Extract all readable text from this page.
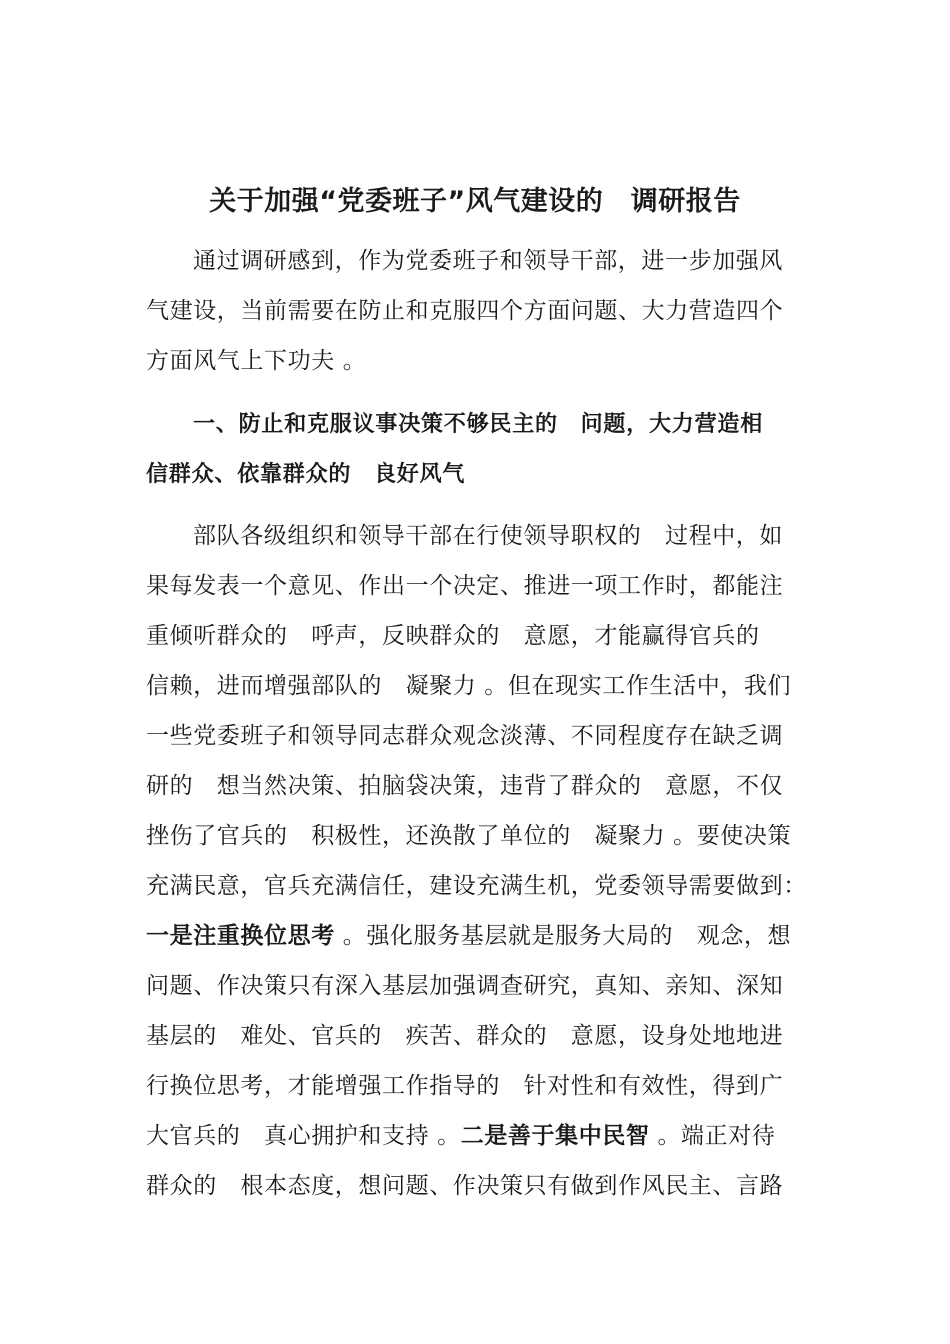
关于加强“党委班子”风气建设的　调研报告
通过调研感到，作为党委班子和领导干部，进一步加强风
气建设，当前需要在防止和克服四个方面问题、大力营造四个
方面风气上下功夫 。
一、防止和克服议事决策不够民主的　问题，大力营造相
信群众、依靠群众的　良好风气
部队各级组织和领导干部在行使领导职权的　过程中，如
果每发表一个意见、作出一个决定、推进一项工作时，都能注
重倾听群众的　呼声，反映群众的　意愿，才能赢得官兵的
信赖，进而增强部队的　凝聚力 。但在现实工作生活中，我们
一些党委班子和领导同志群众观念淡薄、不同程度存在缺乏调
研的　想当然决策、拍脑袋决策，违背了群众的　意愿，不仅
挫伤了官兵的　积极性，还涣散了单位的　凝聚力 。要使决策
充满民意，官兵充满信任，建设充满生机，党委领导需要做到：
一是注重换位思考 。强化服务基层就是服务大局的　观念，想
问题、作决策只有深入基层加强调查研究，真知、亲知、深知
基层的　难处、官兵的　疾苦、群众的　意愿，设身处地地进
行换位思考，才能增强工作指导的　针对性和有效性，得到广
大官兵的　真心拥护和支持 。二是善于集中民智 。端正对待
群众的　根本态度，想问题、作决策只有做到作风民主、言路
